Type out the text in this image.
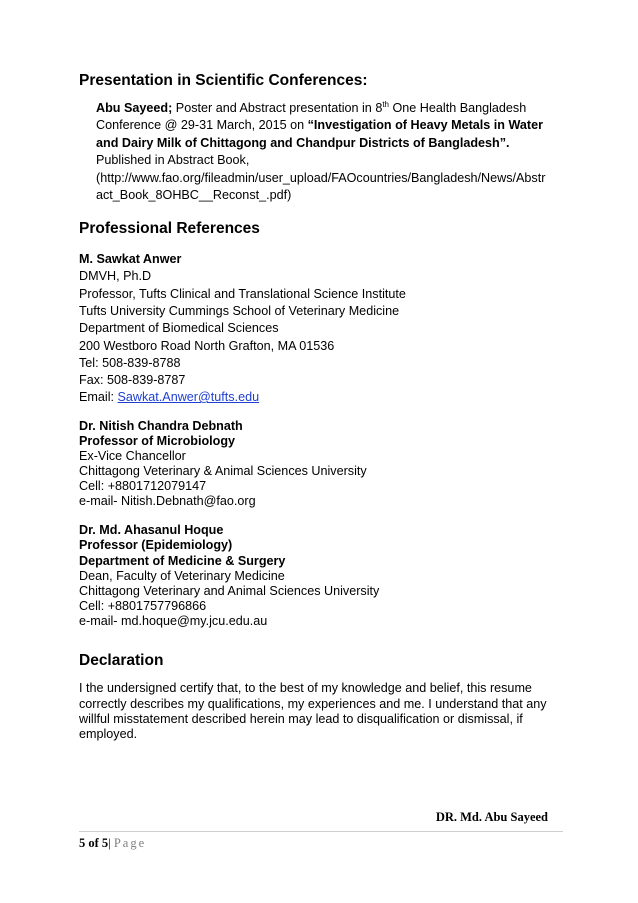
Presentation in Scientific Conferences:
Abu Sayeed; Poster and Abstract presentation in 8th One Health Bangladesh
Conference @ 29-31 March, 2015 on “Investigation of Heavy Metals in Water
and Dairy Milk of Chittagong and Chandpur Districts of Bangladesh”.
Published in Abstract Book,
(http://www.fao.org/fileadmin/user_upload/FAOcountries/Bangladesh/News/Abstr
act_Book_8OHBC__Reconst_.pdf)
Professional References
M. Sawkat Anwer
DMVH, Ph.D
Professor, Tufts Clinical and Translational Science Institute
Tufts University Cummings School of Veterinary Medicine
Department of Biomedical Sciences
200 Westboro Road North Grafton, MA 01536
Tel: 508-839-8788
Fax: 508-839-8787
Email: Sawkat.Anwer@tufts.edu
Dr. Nitish Chandra Debnath
Professor of Microbiology
Ex-Vice Chancellor
Chittagong Veterinary & Animal Sciences University
Cell: +8801712079147
e-mail- Nitish.Debnath@fao.org
Dr. Md. Ahasanul Hoque
Professor (Epidemiology)
Department of Medicine & Surgery
Dean, Faculty of Veterinary Medicine
Chittagong Veterinary and Animal Sciences University
Cell: +8801757796866
e-mail- md.hoque@my.jcu.edu.au
Declaration
I the undersigned certify that, to the best of my knowledge and belief, this resume
correctly describes my qualifications, my experiences and me. I understand that any
willful misstatement described herein may lead to disqualification or dismissal, if
employed.
DR. Md. Abu Sayeed
5 of 5| Page
